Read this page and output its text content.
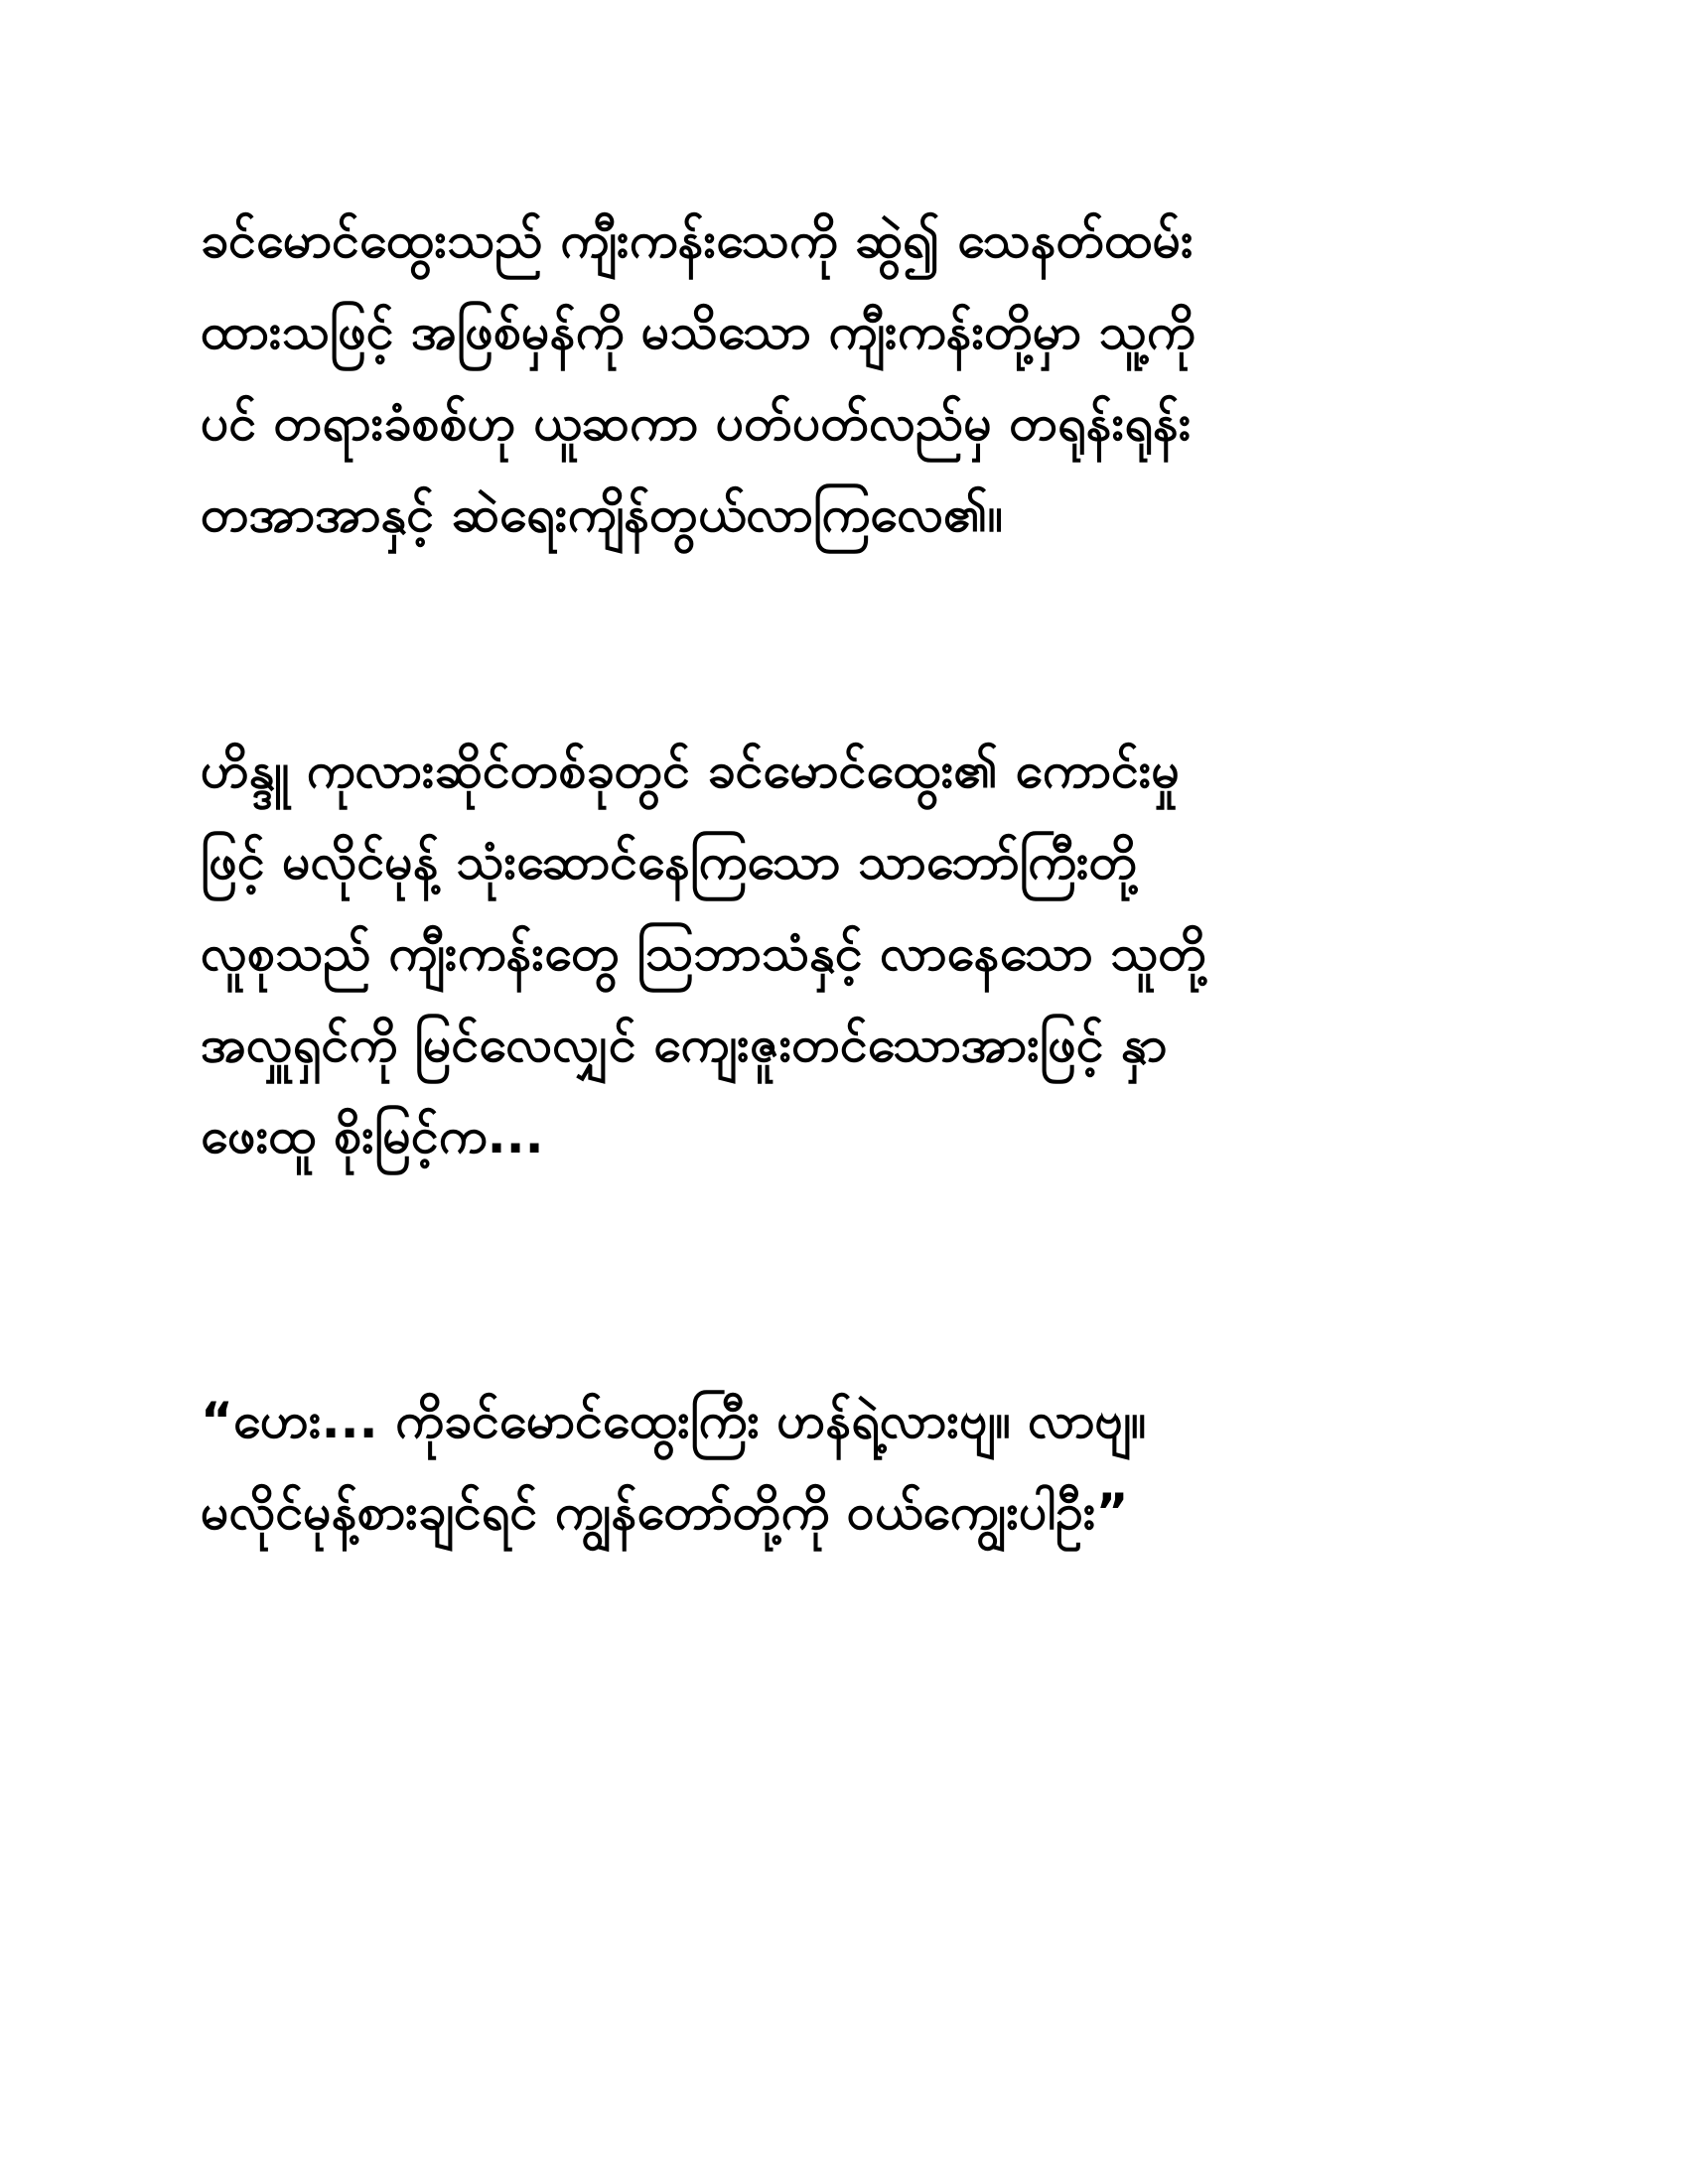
ခင်မောင်ထွေးသည် ကျီးကန်းသေကို ဆွဲ၍ သေနတ်ထမ်း
ထားသဖြင့် အဖြစ်မှန်ကို မသိသော ကျီးကန်းတို့မှာ သူ့ကို
ပင် တရားခံစစ်ဟု ယူဆကာ ပတ်ပတ်လည်မှ တရုန်းရုန်း
တအာအာနှင့် ဆဲရေးကျိန်တွယ်လာကြလေ၏။
ဟိန္ဒူ ကုလားဆိုင်တစ်ခုတွင် ခင်မောင်ထွေး၏ ကောင်းမှု
ဖြင့် မလိုင်မုန့် သုံးဆောင်နေကြသော သာဘော်ကြီးတို့
လူစုသည် ကျီးကန်းတွေ ဩဘာသံနှင့် လာနေသော သူတို့
အလှူရှင်ကို မြင်လေလျှင် ကျေးဇူးတင်သောအားဖြင့် နှာ
ဖေးထူ စိုးမြင့်က...
“ဟေး... ကိုခင်မောင်ထွေးကြီး ဟန်ရဲ့လားဗျ။ လာဗျ။
မလိုင်မုန့်စားချင်ရင် ကျွန်တော်တို့ကို ဝယ်ကျွေးပါဦး”
